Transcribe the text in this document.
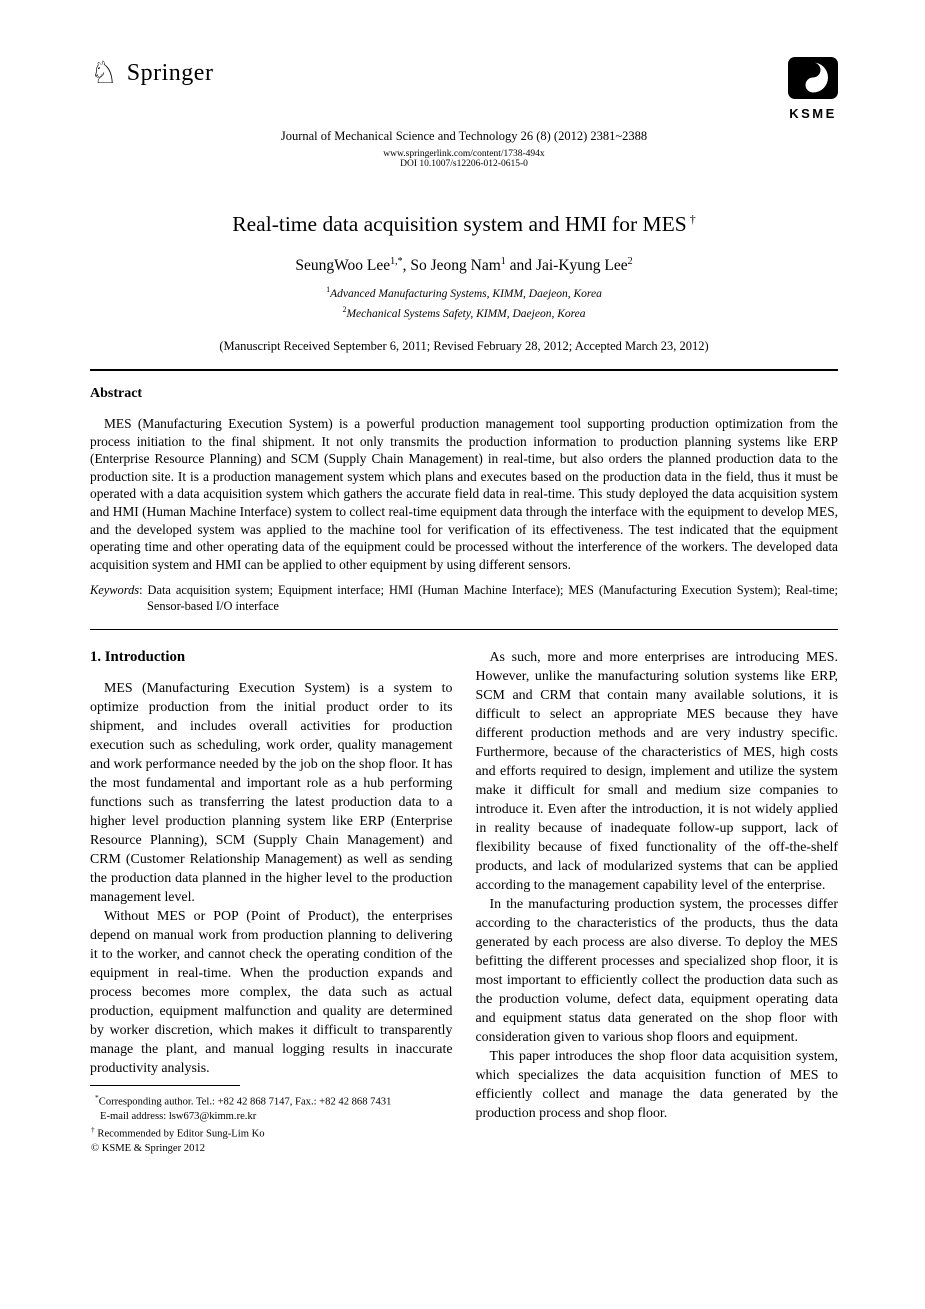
♘ Springer
KSME
Journal of Mechanical Science and Technology 26 (8) (2012) 2381~2388
www.springerlink.com/content/1738-494x
DOI 10.1007/s12206-012-0615-0
Real-time data acquisition system and HMI for MES †
SeungWoo Lee$^{1,*}$, So Jeong Nam$^1$ and Jai-Kyung Lee$^2$
$^1$Advanced Manufacturing Systems, KIMM, Daejeon, Korea
$^2$Mechanical Systems Safety, KIMM, Daejeon, Korea
(Manuscript Received September 6, 2011; Revised February 28, 2012; Accepted March 23, 2012)
Abstract

MES (Manufacturing Execution System) is a powerful production management tool supporting production optimization from the process initiation to the final shipment. It not only transmits the production information to production planning systems like ERP (Enterprise Resource Planning) and SCM (Supply Chain Management) in real-time, but also orders the planned production data to the production site. It is a production management system which plans and executes based on the production data in the field, thus it must be operated with a data acquisition system which gathers the accurate field data in real-time. This study deployed the data acquisition system and HMI (Human Machine Interface) system to collect real-time equipment data through the interface with the equipment to develop MES, and the developed system was applied to the machine tool for verification of its effectiveness. The test indicated that the equipment operating time and other operating data of the equipment could be processed without the interference of the workers. The developed data acquisition system and HMI can be applied to other equipment by using different sensors.

Keywords: Data acquisition system; Equipment interface; HMI (Human Machine Interface); MES (Manufacturing Execution System); Real-time; Sensor-based I/O interface

1. Introduction

MES (Manufacturing Execution System) is a system to optimize production from the initial product order to its shipment, and includes overall activities for production execution such as scheduling, work order, quality management and work performance needed by the job on the shop floor. It has the most fundamental and important role as a hub performing functions such as transferring the latest production data to a higher level production planning system like ERP (Enterprise Resource Planning), SCM (Supply Chain Management) and CRM (Customer Relationship Management) as well as sending the production data planned in the higher level to the production management level.

Without MES or POP (Point of Product), the enterprises depend on manual work from production planning to delivering it to the worker, and cannot check the operating condition of the equipment in real-time. When the production expands and process becomes more complex, the data such as actual production, equipment malfunction and quality are determined by worker discretion, which makes it difficult to transparently manage the plant, and manual logging results in inaccurate productivity analysis.

*Corresponding author. Tel.: +82 42 868 7147, Fax.: +82 42 868 7431
E-mail address: lsw673@kimm.re.kr
† Recommended by Editor Sung-Lim Ko
© KSME & Springer 2012

As such, more and more enterprises are introducing MES. However, unlike the manufacturing solution systems like ERP, SCM and CRM that contain many available solutions, it is difficult to select an appropriate MES because they have different production methods and are very industry specific. Furthermore, because of the characteristics of MES, high costs and efforts required to design, implement and utilize the system make it difficult for small and medium size companies to introduce it. Even after the introduction, it is not widely applied in reality because of inadequate follow-up support, lack of flexibility because of fixed functionality of the off-the-shelf products, and lack of modularized systems that can be applied according to the management capability level of the enterprise.

In the manufacturing production system, the processes differ according to the characteristics of the products, thus the data generated by each process are also diverse. To deploy the MES befitting the different processes and specialized shop floor, it is most important to efficiently collect the production data such as the production volume, defect data, equipment operating data and equipment status data generated on the shop floor with consideration given to various shop floors and equipment.

This paper introduces the shop floor data acquisition system, which specializes the data acquisition function of MES to efficiently collect and manage the data generated by the production process and shop floor.
